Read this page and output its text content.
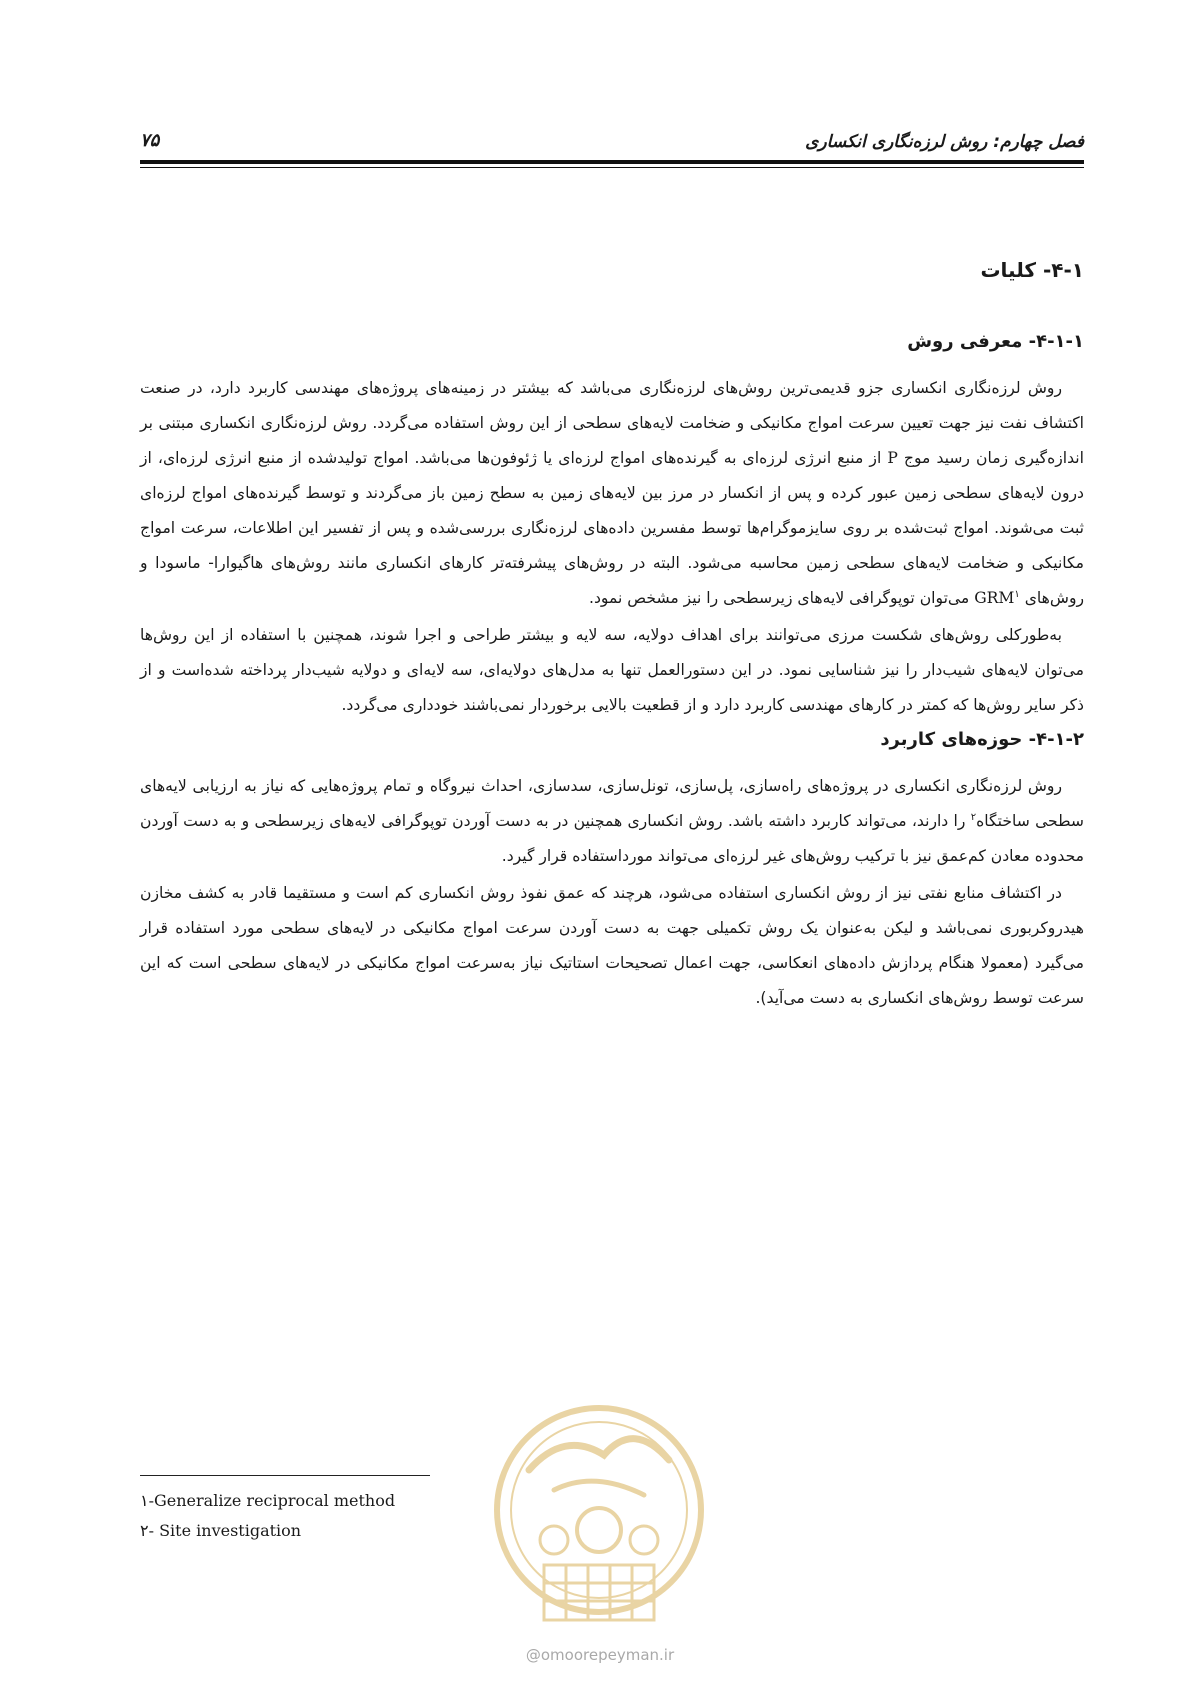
فصل چهارم: روش لرزه‌نگاری انکساری
۷۵
۴-۱- کلیات
۴-۱-۱- معرفی روش

روش لرزه‌نگاری انکساری جزو قدیمی‌ترین روش‌های لرزه‌نگاری می‌باشد که بیشتر در زمینه‌های پروژه‌های مهندسی کاربرد دارد، در صنعت اکتشاف نفت نیز جهت تعیین سرعت امواج مکانیکی و ضخامت لایه‌های سطحی از این روش استفاده می‌گردد. روش لرزه‌نگاری انکساری مبتنی بر اندازه‌گیری زمان رسید موج P از منبع انرژی لرزه‌ای به گیرنده‌های امواج لرزه‌ای یا ژئوفون‌ها می‌باشد. امواج تولیدشده از منبع انرژی لرزه‌ای، از درون لایه‌های سطحی زمین عبور کرده و پس از انکسار در مرز بین لایه‌های زمین به سطح زمین باز می‌گردند و توسط گیرنده‌های امواج لرزه‌ای ثبت می‌شوند. امواج ثبت‌شده بر روی سایزموگرام‌ها توسط مفسرین داده‌های لرزه‌نگاری بررسی‌شده و پس از تفسیر این اطلاعات، سرعت امواج مکانیکی و ضخامت لایه‌های سطحی زمین محاسبه می‌شود. البته در روش‌های پیشرفته‌تر کارهای انکساری مانند روش‌های هاگیوارا- ماسودا و روش‌های GRM$^۱$ می‌توان توپوگرافی لایه‌های زیرسطحی را نیز مشخص نمود.

به‌طورکلی روش‌های شکست مرزی می‌توانند برای اهداف دولایه، سه لایه و بیشتر طراحی و اجرا شوند، همچنین با استفاده از این روش‌ها می‌توان لایه‌های شیب‌دار را نیز شناسایی نمود. در این دستورالعمل تنها به مدل‌های دولایه‌ای، سه لایه‌ای و دولایه شیب‌دار پرداخته شده‌است و از ذکر سایر روش‌ها که کمتر در کارهای مهندسی کاربرد دارد و از قطعیت بالایی برخوردار نمی‌باشند خودداری می‌گردد.

۴-۱-۲- حوزه‌های کاربرد

روش لرزه‌نگاری انکساری در پروژه‌های راه‌سازی، پل‌سازی، تونل‌سازی، سدسازی، احداث نیروگاه و تمام پروژه‌هایی که نیاز به ارزیابی لایه‌های سطحی ساختگاه$^۲$ را دارند، می‌تواند کاربرد داشته باشد. روش انکساری همچنین در به دست آوردن توپوگرافی لایه‌های زیرسطحی و به دست آوردن محدوده معادن کم‌عمق نیز با ترکیب روش‌های غیر لرزه‌ای می‌تواند مورداستفاده قرار گیرد.

در اکتشاف منابع نفتی نیز از روش انکساری استفاده می‌شود، هرچند که عمق نفوذ روش انکساری کم است و مستقیما قادر به کشف مخازن هیدروکربوری نمی‌باشد و لیکن به‌عنوان یک روش تکمیلی جهت به دست آوردن سرعت امواج مکانیکی در لایه‌های سطحی مورد استفاده قرار می‌گیرد (معمولا هنگام پردازش داده‌های انعکاسی، جهت اعمال تصحیحات استاتیک نیاز به‌سرعت امواج مکانیکی در لایه‌های سطحی است که این سرعت توسط روش‌های انکساری به دست می‌آید).

@omoorepeyman.ir
۱-Generalize reciprocal method
۲- Site investigation
